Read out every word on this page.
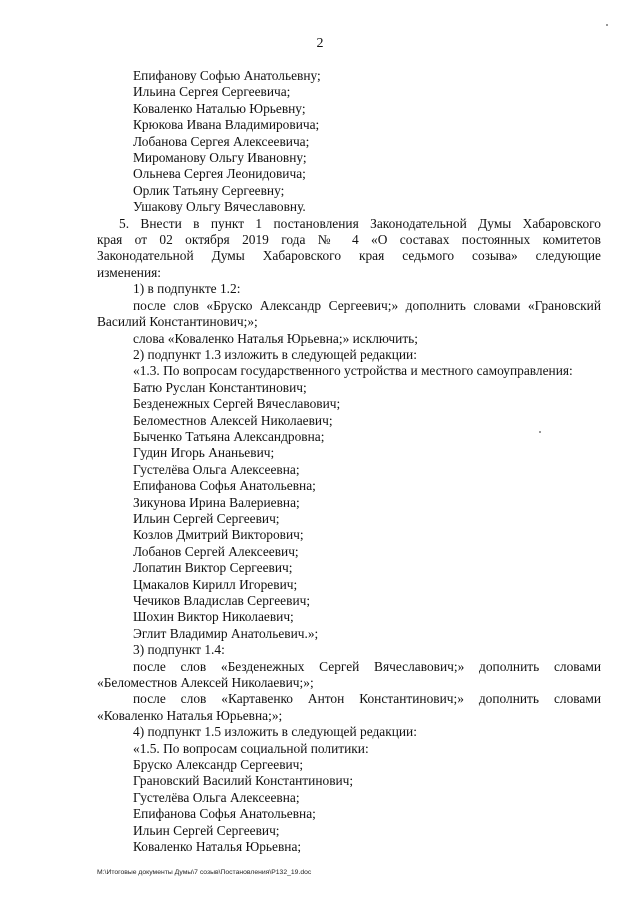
2
Епифанову Софью Анатольевну;
Ильина Сергея Сергеевича;
Коваленко Наталью Юрьевну;
Крюкова Ивана Владимировича;
Лобанова Сергея Алексеевича;
Мироманову Ольгу Ивановну;
Ольнева Сергея Леонидовича;
Орлик Татьяну Сергеевну;
Ушакову Ольгу Вячеславовну.
5. Внести в пункт 1 постановления Законодательной Думы Хабаровского
края от 02 октября 2019 года № 4 «О составах постоянных комитетов
Законодательной Думы Хабаровского края седьмого созыва» следующие
изменения:
1) в подпункте 1.2:
после слов «Бруско Александр Сергеевич;» дополнить словами «Грановский
Василий Константинович;»;
слова «Коваленко Наталья Юрьевна;» исключить;
2) подпункт 1.3 изложить в следующей редакции:
«1.3. По вопросам государственного устройства и местного самоуправления:
Батю Руслан Константинович;
Безденежных Сергей Вячеславович;
Беломестнов Алексей Николаевич;
Быченко Татьяна Александровна;
Гудин Игорь Ананьевич;
Густелёва Ольга Алексеевна;
Епифанова Софья Анатольевна;
Зикунова Ирина Валериевна;
Ильин Сергей Сергеевич;
Козлов Дмитрий Викторович;
Лобанов Сергей Алексеевич;
Лопатин Виктор Сергеевич;
Цмакалов Кирилл Игоревич;
Чечиков Владислав Сергеевич;
Шохин Виктор Николаевич;
Эглит Владимир Анатольевич.»;
3) подпункт 1.4:
после слов «Безденежных Сергей Вячеславович;» дополнить словами
«Беломестнов Алексей Николаевич;»;
после слов «Картавенко Антон Константинович;» дополнить словами
«Коваленко Наталья Юрьевна;»;
4) подпункт 1.5 изложить в следующей редакции:
«1.5. По вопросам социальной политики:
Бруско Александр Сергеевич;
Грановский Василий Константинович;
Густелёва Ольга Алексеевна;
Епифанова Софья Анатольевна;
Ильин Сергей Сергеевич;
Коваленко Наталья Юрьевна;
M:\Итоговые документы Думы\7 созыв\Постановления\P132_19.doc
